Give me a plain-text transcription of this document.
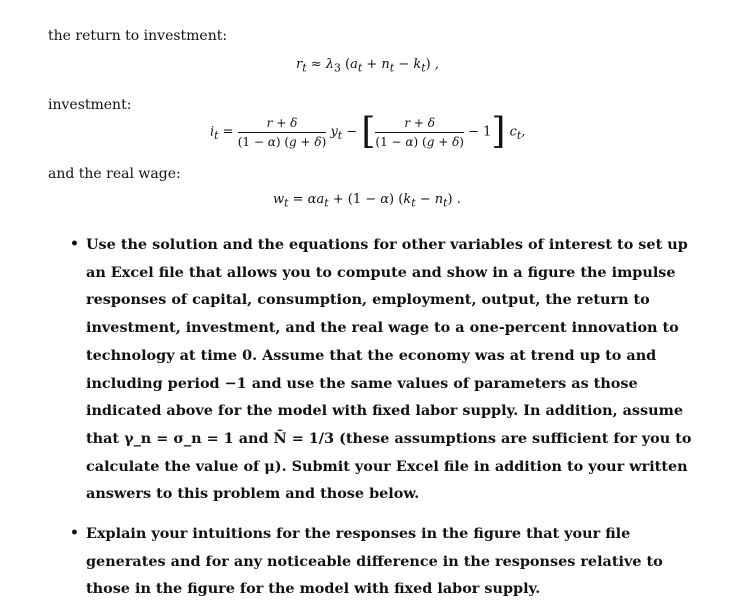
the return to investment:
$r_t \approx \lambda_3$ $(a_t + n_t - k_t)$ ,
investment:
$i_t = \frac{r + \delta}{(1 - \alpha) (g + \delta)} y_t$ − [ $\frac{r + \delta}{(1 - \alpha) (g + \delta)} - 1$] $c_t$,
and the real wage:
$w_t = \alpha a_t + (1 - \alpha) (k_t - n_t)$ .
• Use the solution and the equations for other variables of interest to set up an Excel file that allows you to compute and show in a figure the impulse responses of capital, consumption, employment, output, the return to investment, investment, and the real wage to a one-percent innovation to technology at time 0. Assume that the economy was at trend up to and including period −1 and use the same values of parameters as those indicated above for the model with fixed labor supply. In addition, assume that γ_n = σ_n = 1 and N̄ = 1/3 (these assumptions are sufficient for you to calculate the value of μ). Submit your Excel file in addition to your written answers to this problem and those below.
• Explain your intuitions for the responses in the figure that your file generates and for any noticeable difference in the responses relative to those in the figure for the model with fixed labor supply.
